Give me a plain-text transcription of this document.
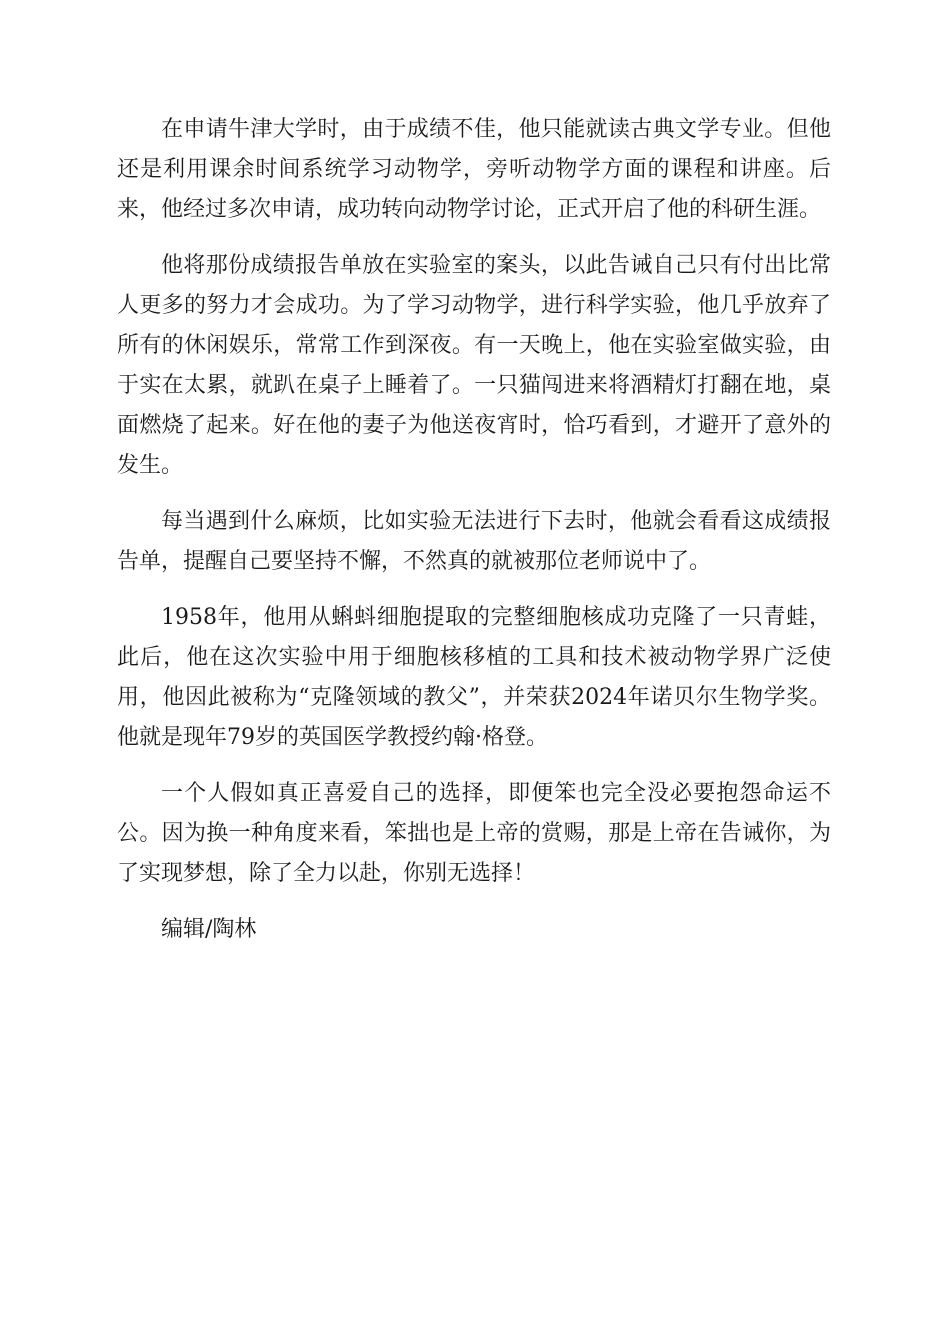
在申请牛津大学时，由于成绩不佳，他只能就读古典文学专业。但他还是利用课余时间系统学习动物学，旁听动物学方面的课程和讲座。后来，他经过多次申请，成功转向动物学讨论，正式开启了他的科研生涯。

他将那份成绩报告单放在实验室的案头，以此告诫自己只有付出比常人更多的努力才会成功。为了学习动物学，进行科学实验，他几乎放弃了所有的休闲娱乐，常常工作到深夜。有一天晚上，他在实验室做实验，由于实在太累，就趴在桌子上睡着了。一只猫闯进来将酒精灯打翻在地，桌面燃烧了起来。好在他的妻子为他送夜宵时，恰巧看到，才避开了意外的发生。

每当遇到什么麻烦，比如实验无法进行下去时，他就会看看这成绩报告单，提醒自己要坚持不懈，不然真的就被那位老师说中了。

1958年，他用从蝌蚪细胞提取的完整细胞核成功克隆了一只青蛙，此后，他在这次实验中用于细胞核移植的工具和技术被动物学界广泛使用，他因此被称为“克隆领域的教父”，并荣获2024年诺贝尔生物学奖。他就是现年79岁的英国医学教授约翰·格登。

一个人假如真正喜爱自己的选择，即便笨也完全没必要抱怨命运不公。因为换一种角度来看，笨拙也是上帝的赏赐，那是上帝在告诫你，为了实现梦想，除了全力以赴，你别无选择！

编辑/陶林
